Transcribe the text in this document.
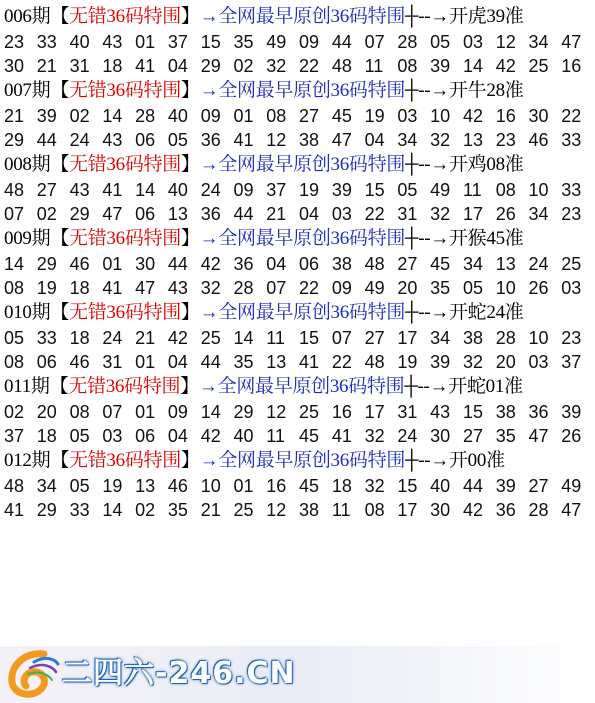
006期【无错36码特围】→全网最早原创36码特围┼--→开虎39准
23 33 40 43 01 37 15 35 49 09 44 07 28 05 03 12 34 47
30 21 31 18 41 04 29 02 32 22 48 11 08 39 14 42 25 16
007期【无错36码特围】→全网最早原创36码特围┼--→开牛28准
21 39 02 14 28 40 09 01 08 27 45 19 03 10 42 16 30 22
29 44 24 43 06 05 36 41 12 38 47 04 34 32 13 23 46 33
008期【无错36码特围】→全网最早原创36码特围┼--→开鸡08准
48 27 43 41 14 40 24 09 37 19 39 15 05 49 11 08 10 33
07 02 29 47 06 13 36 44 21 04 03 22 31 32 17 26 34 23
009期【无错36码特围】→全网最早原创36码特围┼--→开猴45准
14 29 46 01 30 44 42 36 04 06 38 48 27 45 34 13 24 25
08 19 18 41 47 43 32 28 07 22 09 49 20 35 05 10 26 03
010期【无错36码特围】→全网最早原创36码特围┼--→开蛇24准
05 33 18 24 21 42 25 14 11 15 07 27 17 34 38 28 10 23
08 06 46 31 01 04 44 35 13 41 22 48 19 39 32 20 03 37
011期【无错36码特围】→全网最早原创36码特围┼--→开蛇01准
02 20 08 07 01 09 14 29 12 25 16 17 31 43 15 38 36 39
37 18 05 03 06 04 42 40 11 45 41 32 24 30 27 35 47 26
012期【无错36码特围】→全网最早原创36码特围┼--→开00准
48 34 05 19 13 46 10 01 16 45 18 32 15 40 44 39 27 49
41 29 33 14 02 35 21 25 12 38 11 08 17 30 42 36 28 47
二四六-246.CN
